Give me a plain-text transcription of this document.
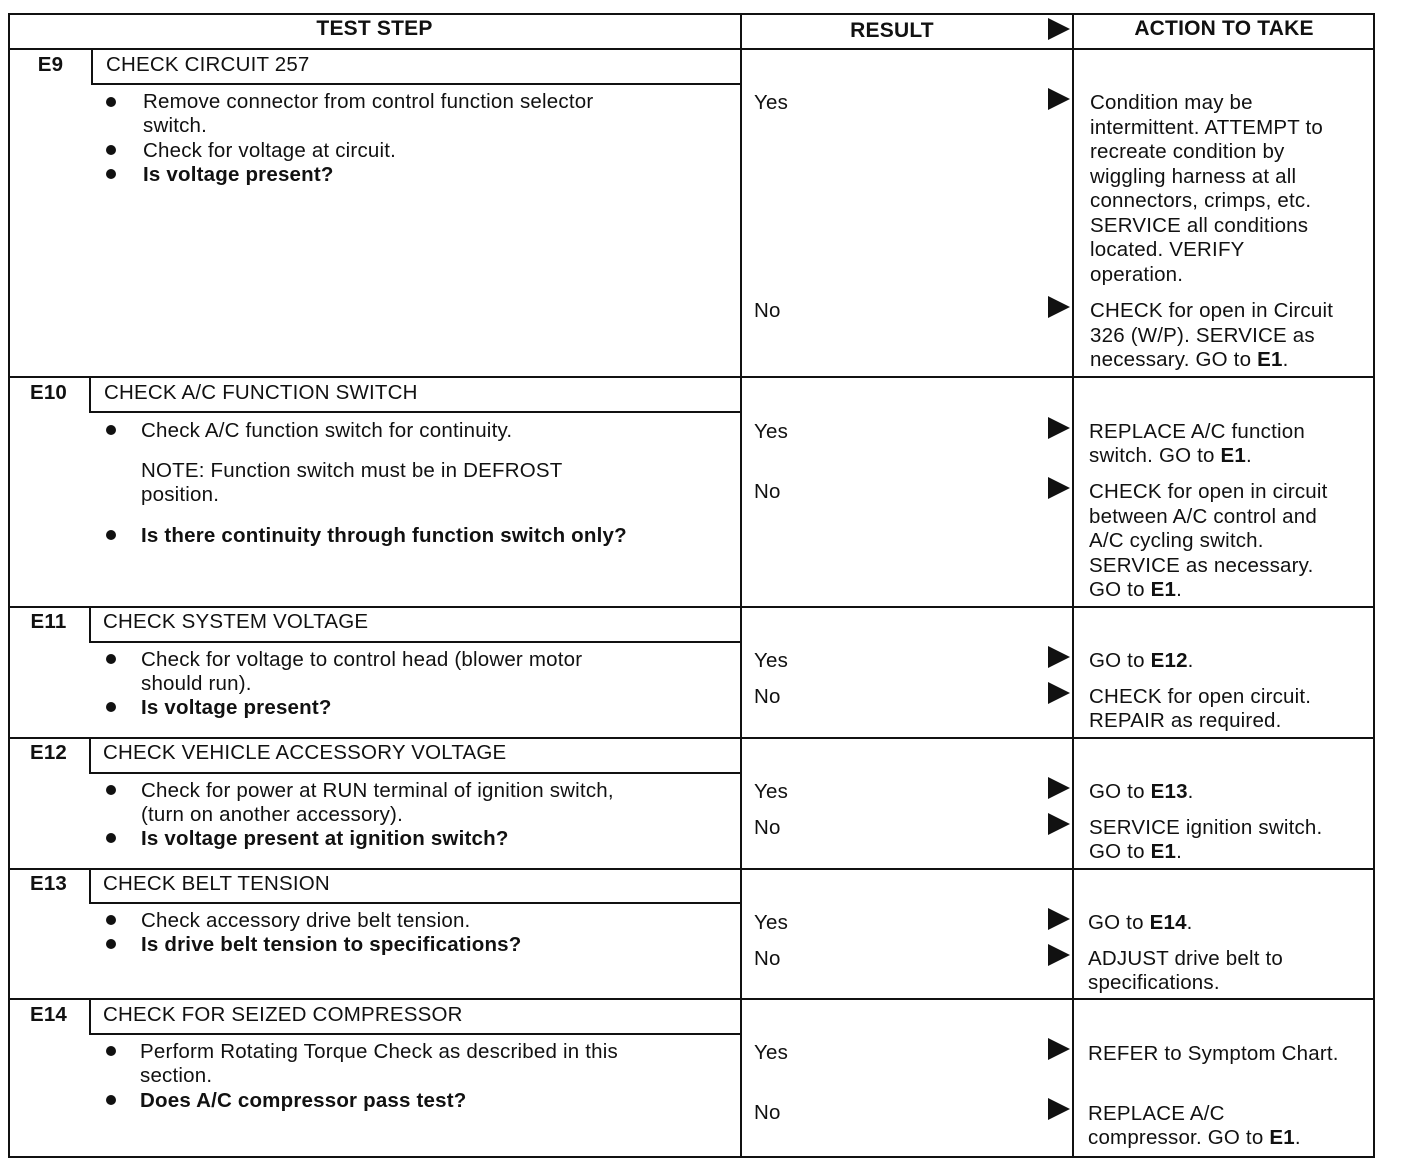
TEST STEP	RESULT	ACTION TO TAKE
E9	CHECK CIRCUIT 257
Remove connector from control function selector
switch.
Check for voltage at circuit.
Is voltage present?
Yes	Condition may be
intermittent. ATTEMPT to
recreate condition by
wiggling harness at all
connectors, crimps, etc.
SERVICE all conditions
located. VERIFY
operation.
No	CHECK for open in Circuit
326 (W/P). SERVICE as
necessary. GO to E1.
E10	CHECK A/C FUNCTION SWITCH
Check A/C function switch for continuity.
NOTE: Function switch must be in DEFROST
position.
Is there continuity through function switch only?
Yes	REPLACE A/C function
switch. GO to E1.
No	CHECK for open in circuit
between A/C control and
A/C cycling switch.
SERVICE as necessary.
GO to E1.
E11	CHECK SYSTEM VOLTAGE
Check for voltage to control head (blower motor
should run).
Is voltage present?
Yes	GO to E12.
No	CHECK for open circuit.
REPAIR as required.
E12	CHECK VEHICLE ACCESSORY VOLTAGE
Check for power at RUN terminal of ignition switch,
(turn on another accessory).
Is voltage present at ignition switch?
Yes	GO to E13.
No	SERVICE ignition switch.
GO to E1.
E13	CHECK BELT TENSION
Check accessory drive belt tension.
Is drive belt tension to specifications?
Yes	GO to E14.
No	ADJUST drive belt to
specifications.
E14	CHECK FOR SEIZED COMPRESSOR
Perform Rotating Torque Check as described in this
section.
Does A/C compressor pass test?
Yes	REFER to Symptom Chart.
No	REPLACE A/C
compressor. GO to E1.
